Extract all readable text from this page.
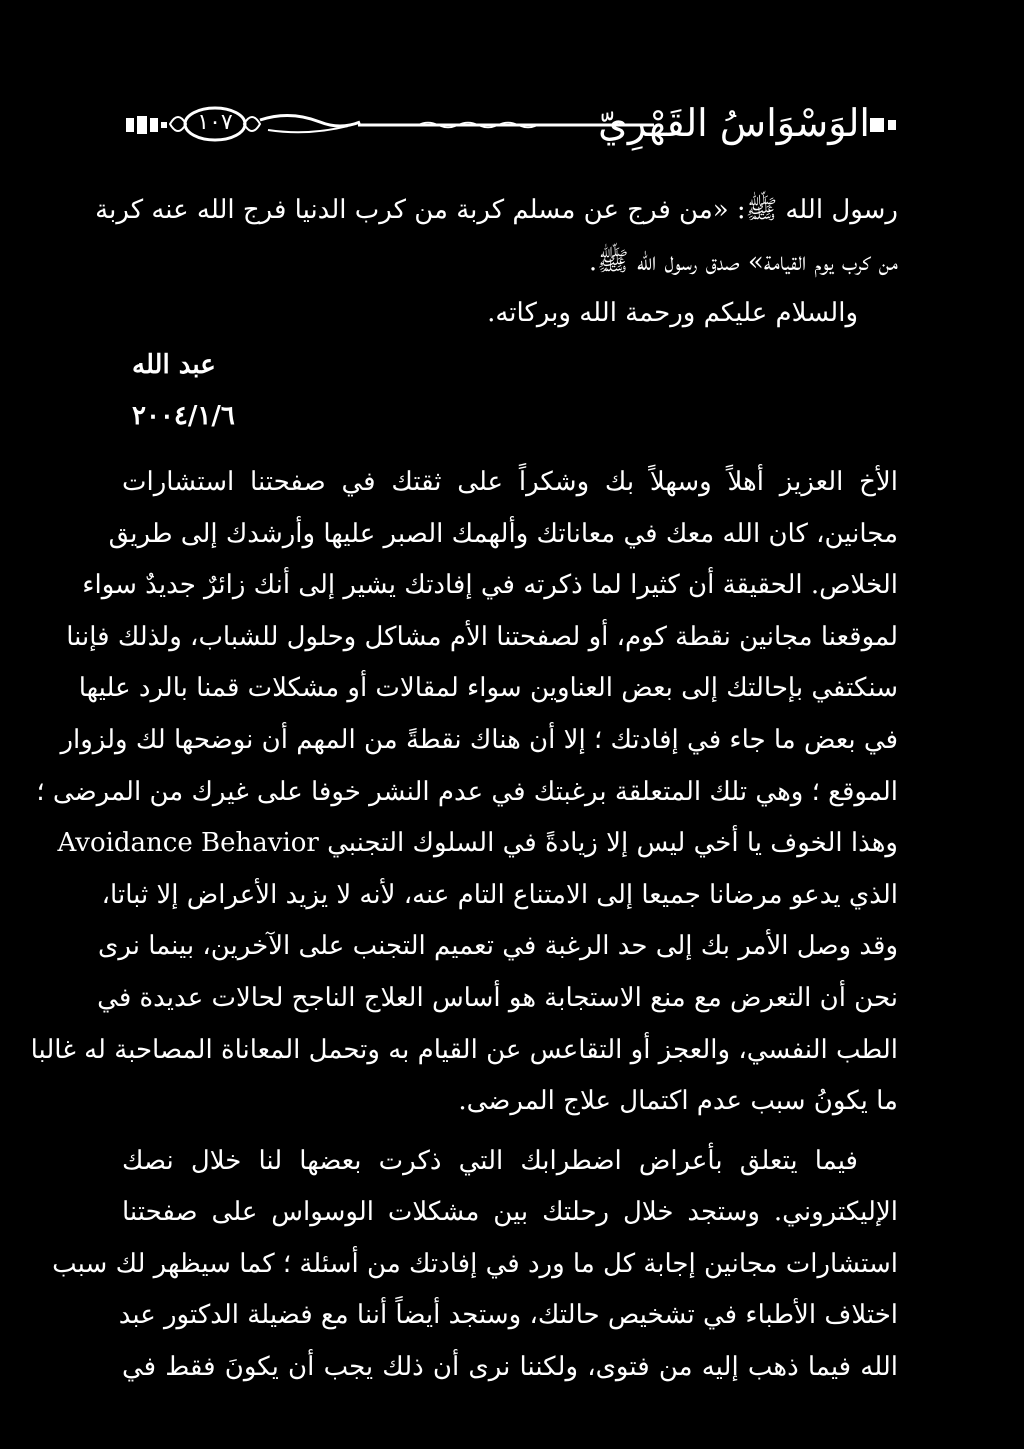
١٠٧	الوَسْوَاسُ القَهْرِيّ
رسول الله ﷺ: «من فرج عن مسلم كربة من كرب الدنيا فرج الله عنه كربة
من كرب يوم القيامة» صدق رسول الله ﷺ.
والسلام عليكم ورحمة الله وبركاته.
عبد الله
٢٠٠٤/١/٦
الأخ العزيز أهلاً وسهلاً بك وشكراً على ثقتك في صفحتنا استشارات
مجانين، كان الله معك في معاناتك وألهمك الصبر عليها وأرشدك إلى طريق
الخلاص. الحقيقة أن كثيرا لما ذكرته في إفادتك يشير إلى أنك زائرٌ جديدٌ سواء
لموقعنا مجانين نقطة كوم، أو لصفحتنا الأم مشاكل وحلول للشباب، ولذلك فإننا
سنكتفي بإحالتك إلى بعض العناوين سواء لمقالات أو مشكلات قمنا بالرد عليها
في بعض ما جاء في إفادتك ؛ إلا أن هناك نقطةً من المهم أن نوضحها لك ولزوار
الموقع ؛ وهي تلك المتعلقة برغبتك في عدم النشر خوفا على غيرك من المرضى ؛
وهذا الخوف يا أخي ليس إلا زيادةً في السلوك التجنبي Avoidance Behavior
الذي يدعو مرضانا جميعا إلى الامتناع التام عنه، لأنه لا يزيد الأعراض إلا ثباتا،
وقد وصل الأمر بك إلى حد الرغبة في تعميم التجنب على الآخرين، بينما نرى
نحن أن التعرض مع منع الاستجابة هو أساس العلاج الناجح لحالات عديدة في
الطب النفسي، والعجز أو التقاعس عن القيام به وتحمل المعاناة المصاحبة له غالبا
ما يكونُ سبب عدم اكتمال علاج المرضى.
فيما يتعلق بأعراض اضطرابك التي ذكرت بعضها لنا خلال نصك
الإليكتروني. وستجد خلال رحلتك بين مشكلات الوسواس على صفحتنا
استشارات مجانين إجابة كل ما ورد في إفادتك من أسئلة ؛ كما سيظهر لك سبب
اختلاف الأطباء في تشخيص حالتك، وستجد أيضاً أننا مع فضيلة الدكتور عبد
الله فيما ذهب إليه من فتوى، ولكننا نرى أن ذلك يجب أن يكونَ فقط في
